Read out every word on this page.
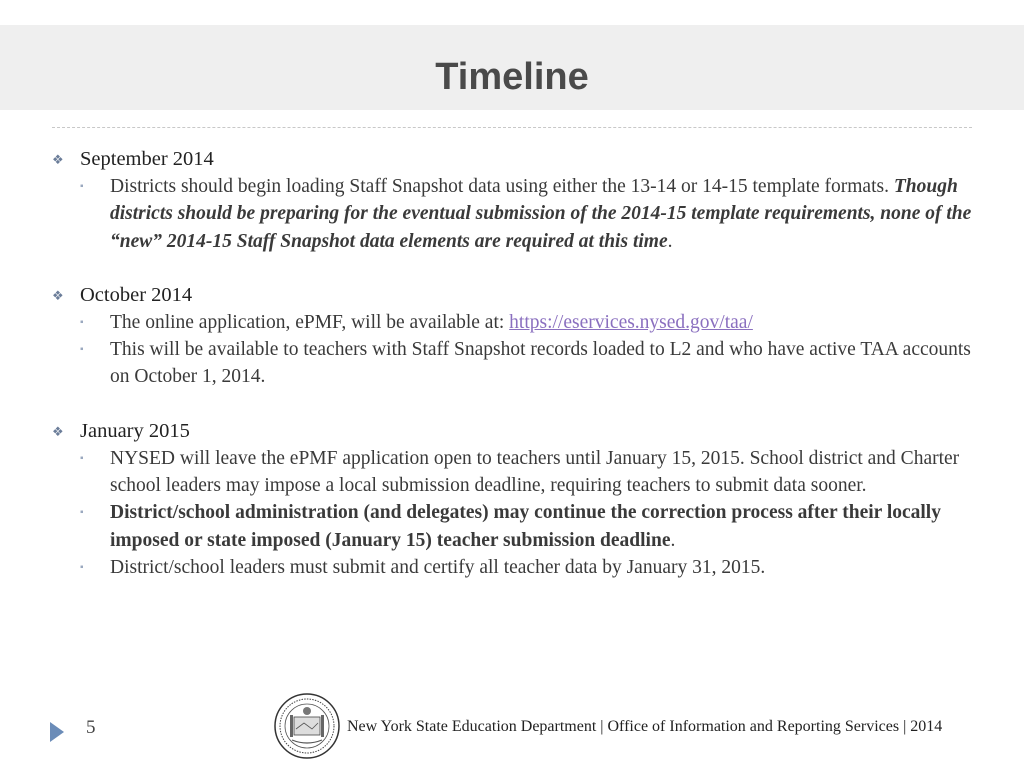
Timeline
❖ September 2014
▪ Districts should begin loading Staff Snapshot data using either the 13-14 or 14-15 template formats. Though districts should be preparing for the eventual submission of the 2014-15 template requirements, none of the “new” 2014-15 Staff Snapshot data elements are required at this time.
❖ October 2014
▪ The online application, ePMF, will be available at: https://eservices.nysed.gov/taa/
▪ This will be available to teachers with Staff Snapshot records loaded to L2 and who have active TAA accounts on October 1, 2014.
❖ January 2015
▪ NYSED will leave the ePMF application open to teachers until January 15, 2015. School district and Charter school leaders may impose a local submission deadline, requiring teachers to submit data sooner.
▪ District/school administration (and delegates) may continue the correction process after their locally imposed or state imposed (January 15) teacher submission deadline.
▪ District/school leaders must submit and certify all teacher data by January 31, 2015.
5	New York State Education Department | Office of Information and Reporting Services | 2014
